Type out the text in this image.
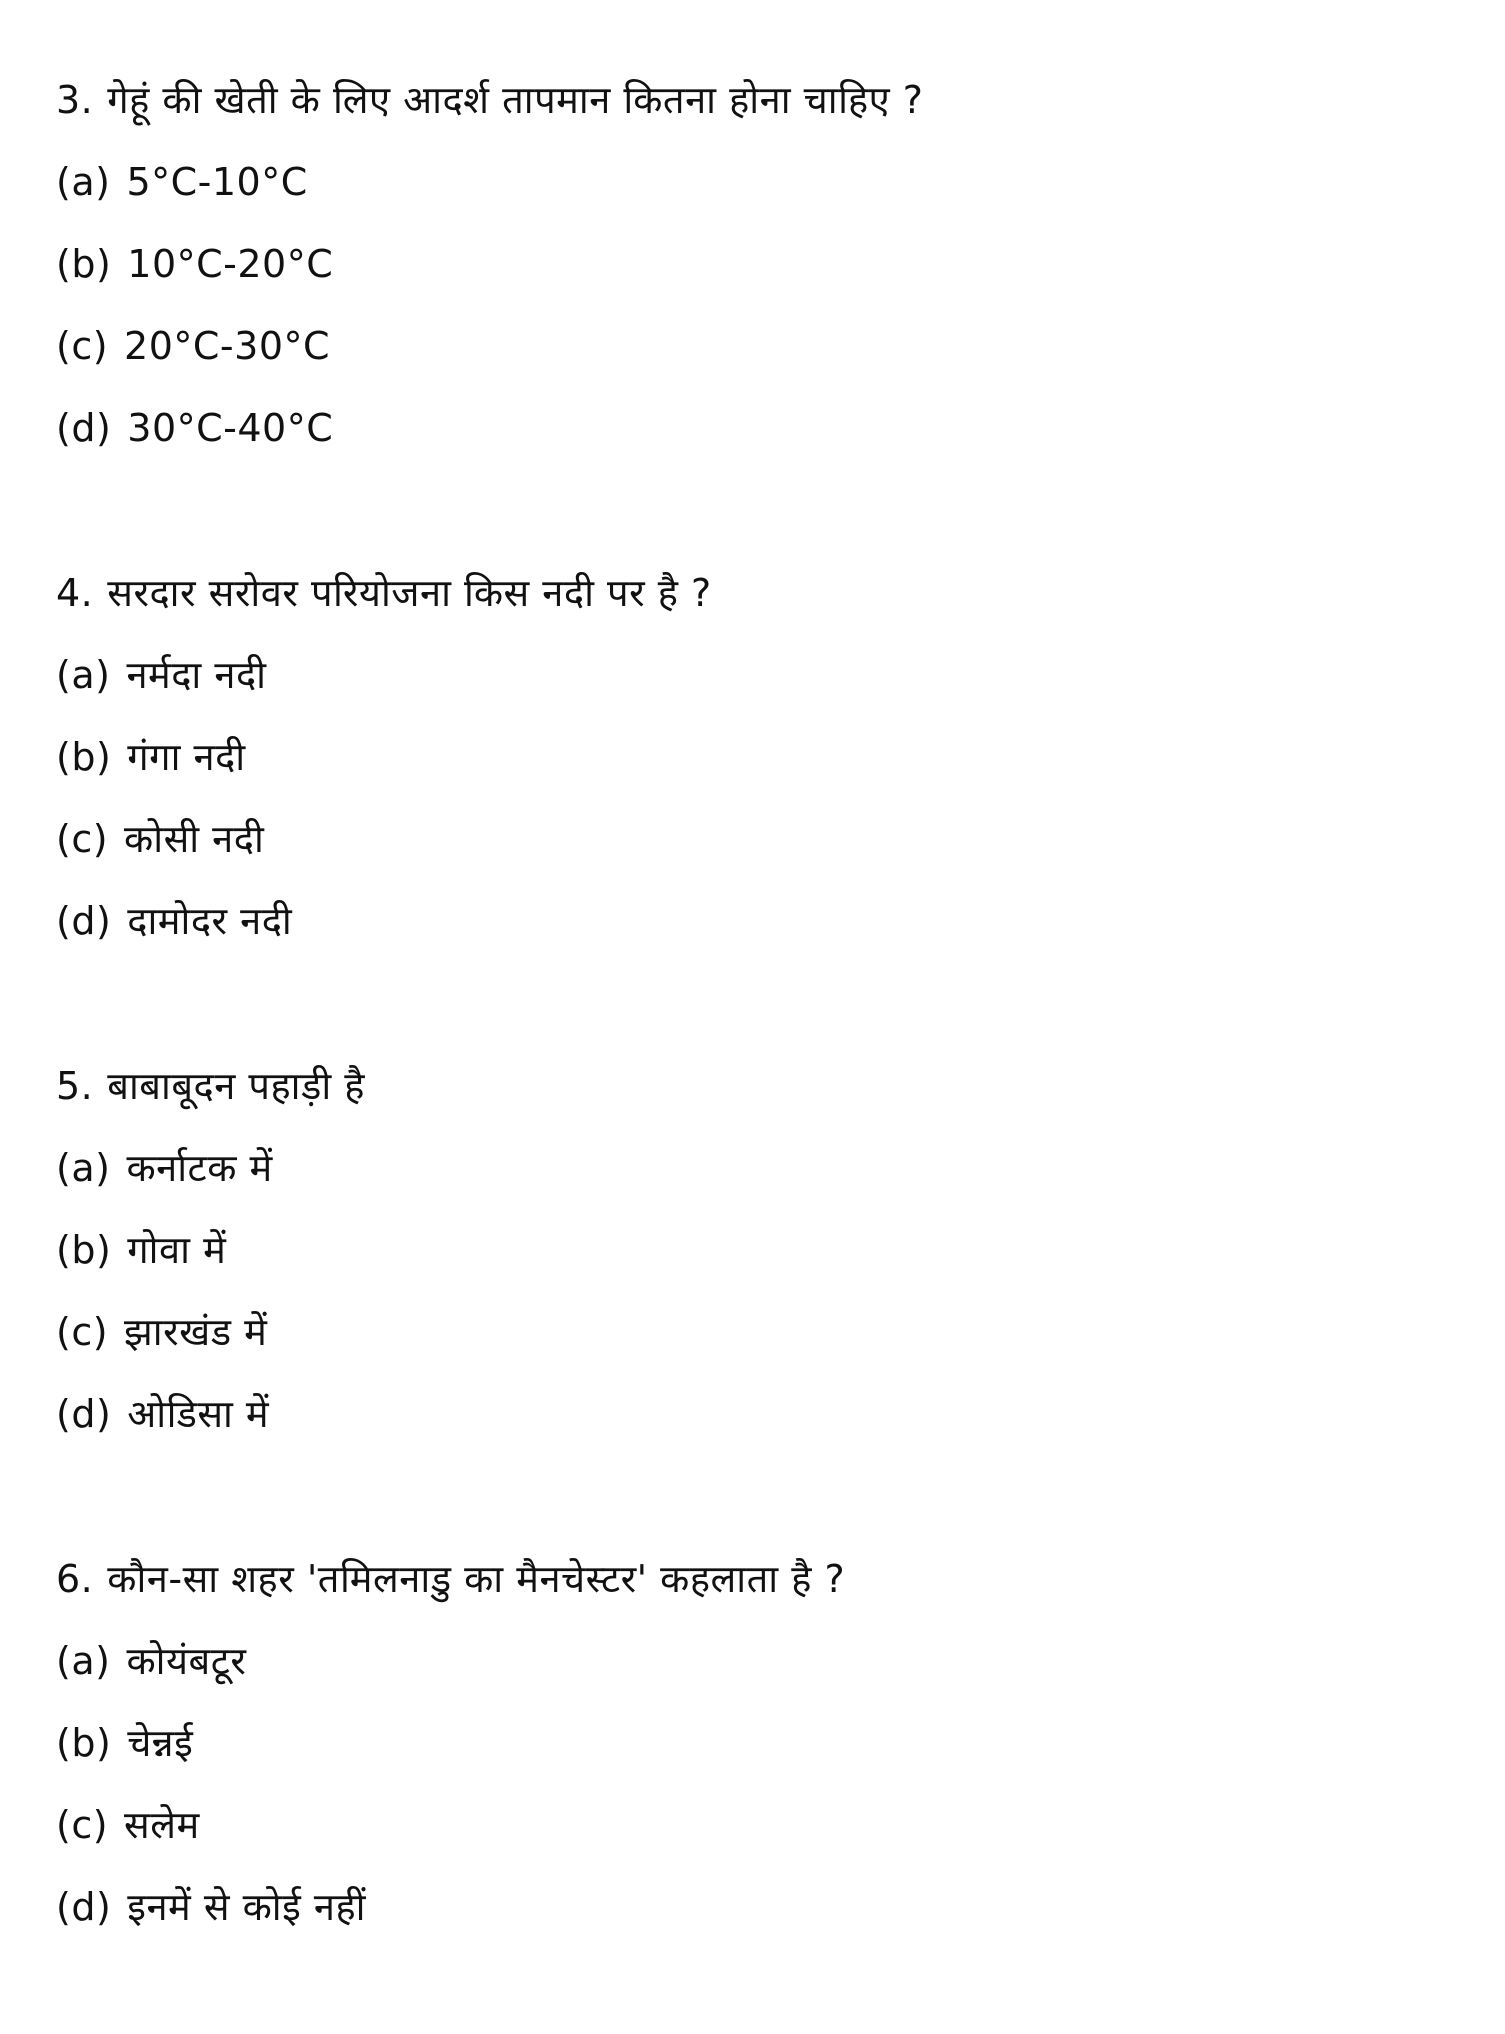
3. गेहूं की खेती के लिए आदर्श तापमान कितना होना चाहिए ?
(a) 5°C-10°C
(b) 10°C-20°C
(c) 20°C-30°C
(d) 30°C-40°C
4. सरदार सरोवर परियोजना किस नदी पर है ?
(a) नर्मदा नदी
(b) गंगा नदी
(c) कोसी नदी
(d) दामोदर नदी
5. बाबाबूदन पहाड़ी है
(a) कर्नाटक में
(b) गोवा में
(c) झारखंड में
(d) ओडिसा में
6. कौन-सा शहर 'तमिलनाडु का मैनचेस्टर' कहलाता है ?
(a) कोयंबटूर
(b) चेन्नई
(c) सलेम
(d) इनमें से कोई नहीं
